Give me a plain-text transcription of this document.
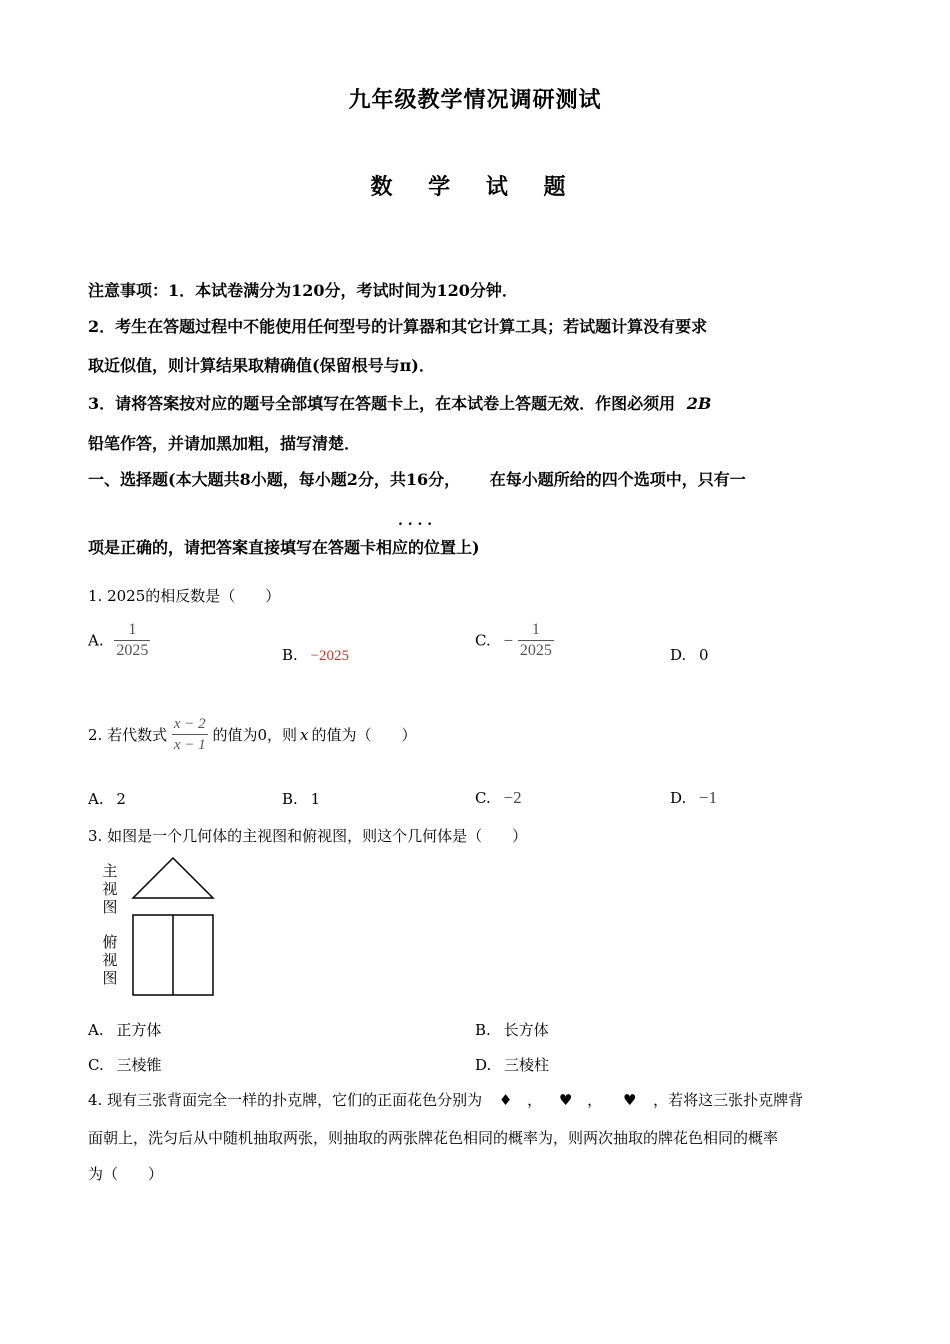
九年级教学情况调研测试
数 学 试 题
注意事项：1．本试卷满分为120分，考试时间为120分钟．
2．考生在答题过程中不能使用任何型号的计算器和其它计算工具；若试题计算没有要求
取近似值，则计算结果取精确值(保留根号与π)．
3．请将答案按对应的题号全部填写在答题卡上，在本试卷上答题无效．作图必须用 2B
铅笔作答，并请加黑加粗，描写清楚．
一、选择题(本大题共8小题，每小题2分，共16分， 在每小题所给的四个选项中，只有一
. . . .
项是正确的，请把答案直接填写在答题卡相应的位置上)
1. 2025的相反数是（　　）
A. $\frac{1}{2025}$	B. −2025
C. − $\frac{1}{2025}$	D. 0
2. 若代数式 $\frac{x - 2}{x - 1}$ 的值为0，则 x 的值为（　　）
A. 2	B. 1	C. −2	D. −1
3. 如图是一个几何体的主视图和俯视图，则这个几何体是（　　）
主视图
俯视图
A. 正方体	B. 长方体
C. 三棱锥	D. 三棱柱
4. 现有三张背面完全一样的扑克牌，它们的正面花色分别为 ♦ ， ♥ ， ♥ ，若将这三张扑克牌背
面朝上，洗匀后从中随机抽取两张，则抽取的两张牌花色相同的概率为，则两次抽取的牌花色相同的概率
为（　　）
